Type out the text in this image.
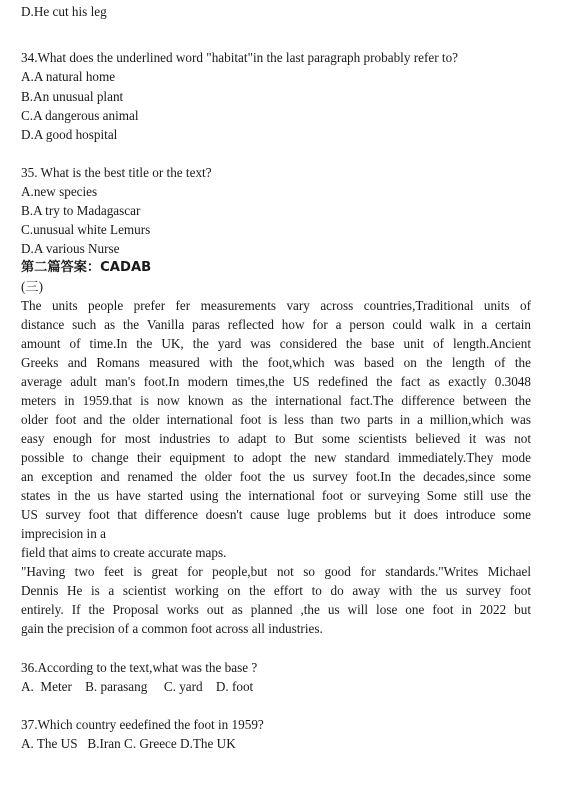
D.He cut his leg
34.What does the underlined word "habitat"in the last paragraph probably refer to?
A.A natural home
B.An unusual plant
C.A dangerous animal
D.A good hospital
35. What is the best title or the text?
A.new species
B.A try to Madagascar
C.unusual white Lemurs
D.A various Nurse
第二篇答案：CADAB
(三)
The units people prefer fer measurements vary across countries,Traditional units of
distance such as the Vanilla paras reflected how for a person could walk in a certain
amount of time.In the UK, the yard was considered the base unit of length.Ancient
Greeks and Romans measured with the foot,which was based on the length of the
average adult man's foot.In modern times,the US redefined the fact as exactly 0.3048
meters in 1959.that is now known as the international fact.The difference between the
older foot and the older international foot is less than two parts in a million,which was
easy enough for most industries to adapt to But some scientists believed it was not
possible to change their equipment to adopt the new standard immediately.They mode
an exception and renamed the older foot the us survey foot.In the decades,since some
states in the us have started using the international foot or surveying Some still use the
US survey foot that difference doesn't cause luge problems but it does introduce some
imprecision in a
field that aims to create accurate maps.
"Having two feet is great for people,but not so good for standards."Writes Michael
Dennis He is a scientist working on the effort to do away with the us survey foot
entirely. If the Proposal works out as planned ,the us will lose one foot in 2022 but
gain the precision of a common foot across all industries.
36.According to the text,what was the base ?
A.  Meter    B. parasang     C. yard    D. foot
37.Which country eedefined the foot in 1959?
A. The US   B.Iran C. Greece D.The UK
